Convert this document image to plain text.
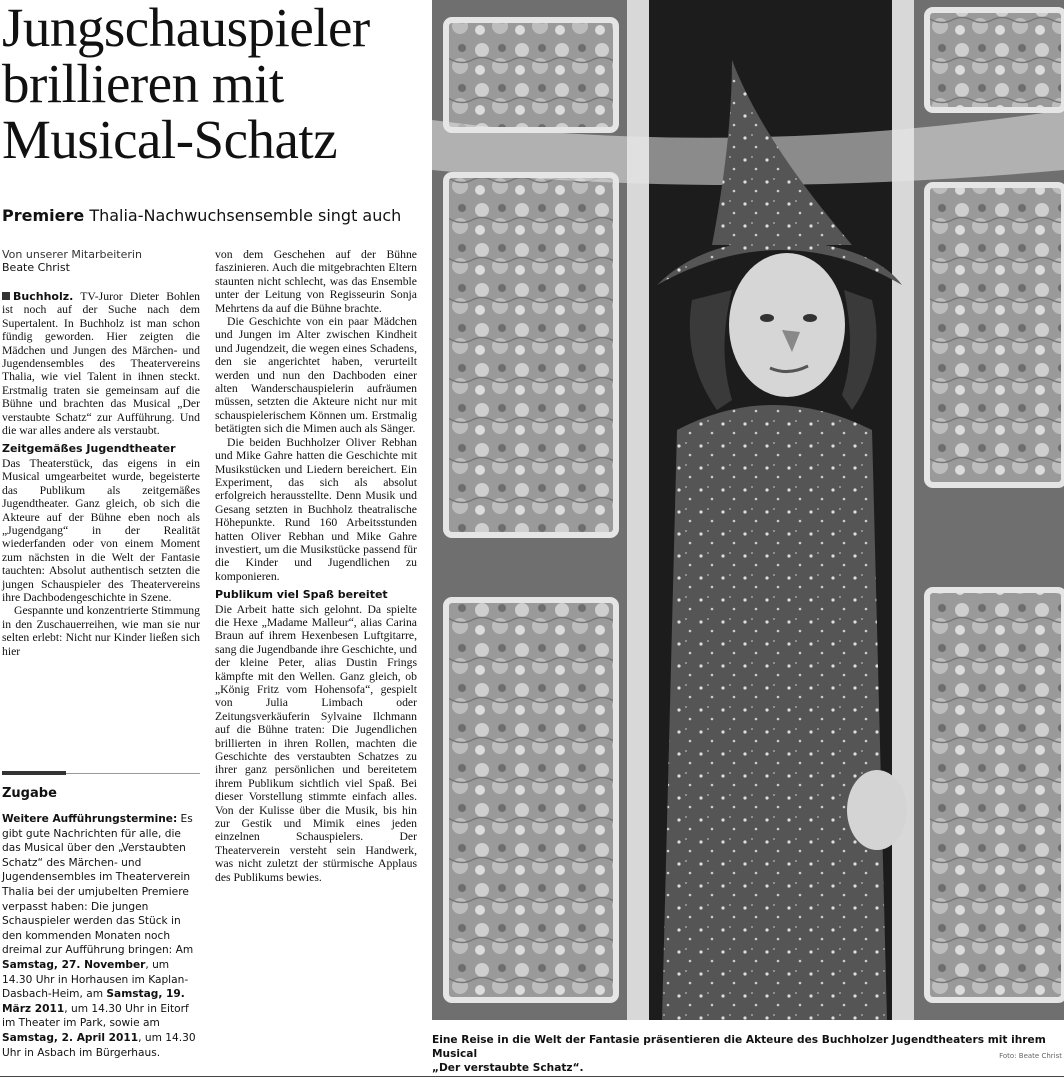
Jungschauspieler
brillieren mit
Musical-Schatz
Premiere Thalia-Nachwuchsensemble singt auch
Von unserer Mitarbeiterin
Beate Christ

Buchholz. TV-Juror Dieter Bohlen ist noch auf der Suche nach dem Supertalent. In Buchholz ist man schon fündig geworden. Hier zeigten die Mädchen und Jungen des Märchen- und Jugendensembles des Theatervereins Thalia, wie viel Talent in ihnen steckt. Erstmalig traten sie gemeinsam auf die Bühne und brachten das Musical „Der verstaubte Schatz“ zur Aufführung. Und die war alles andere als verstaubt.

Zeitgemäßes Jugendtheater

Das Theaterstück, das eigens in ein Musical umgearbeitet wurde, begeisterte das Publikum als zeitgemäßes Jugendtheater. Ganz gleich, ob sich die Akteure auf der Bühne eben noch als „Jugendgang“ in der Realität wiederfanden oder von einem Moment zum nächsten in die Welt der Fantasie tauchten: Absolut authentisch setzten die jungen Schauspieler des Theatervereins ihre Dachbodengeschichte in Szene.

Gespannte und konzentrierte Stimmung in den Zuschauerreihen, wie man sie nur selten erlebt: Nicht nur Kinder ließen sich hier

von dem Geschehen auf der Bühne faszinieren. Auch die mitgebrachten Eltern staunten nicht schlecht, was das Ensemble unter der Leitung von Regisseurin Sonja Mehrtens da auf die Bühne brachte.

Die Geschichte von ein paar Mädchen und Jungen im Alter zwischen Kindheit und Jugendzeit, die wegen eines Schadens, den sie angerichtet haben, verurteilt werden und nun den Dachboden einer alten Wanderschauspielerin aufräumen müssen, setzten die Akteure nicht nur mit schauspielerischem Können um. Erstmalig betätigten sich die Mimen auch als Sänger.

Die beiden Buchholzer Oliver Rebhan und Mike Gahre hatten die Geschichte mit Musikstücken und Liedern bereichert. Ein Experiment, das sich als absolut erfolgreich herausstellte. Denn Musik und Gesang setzten in Buchholz theatralische Höhepunkte. Rund 160 Arbeitsstunden hatten Oliver Rebhan und Mike Gahre investiert, um die Musikstücke passend für die Kinder und Jugendlichen zu komponieren.

Publikum viel Spaß bereitet

Die Arbeit hatte sich gelohnt. Da spielte die Hexe „Madame Malleur“, alias Carina Braun auf ihrem Hexenbesen Luftgitarre, sang die Jugendbande ihre Geschichte, und der kleine Peter, alias Dustin Frings kämpfte mit den Wellen. Ganz gleich, ob „König Fritz vom Hohensofa“, gespielt von Julia Limbach oder Zeitungsverkäuferin Sylvaine Ilchmann auf die Bühne traten: Die Jugendlichen brillierten in ihren Rollen, machten die Geschichte des verstaubten Schatzes zu ihrer ganz persönlichen und bereitetem ihrem Publikum sichtlich viel Spaß. Bei dieser Vorstellung stimmte einfach alles. Von der Kulisse über die Musik, bis hin zur Gestik und Mimik eines jeden einzelnen Schauspielers. Der Theaterverein versteht sein Handwerk, was nicht zuletzt der stürmische Applaus des Publikums bewies.

Zugabe
Weitere Aufführungstermine: Es gibt gute Nachrichten für alle, die das Musical über den „Verstaubten Schatz“ des Märchen- und Jugendensembles im Theaterverein Thalia bei der umjubelten Premiere verpasst haben: Die jungen Schauspieler werden das Stück in den kommenden Monaten noch dreimal zur Aufführung bringen: Am Samstag, 27. November, um 14.30 Uhr in Horhausen im Kaplan-Dasbach-Heim, am Samstag, 19. März 2011, um 14.30 Uhr in Eitorf im Theater im Park, sowie am Samstag, 2. April 2011, um 14.30 Uhr in Asbach im Bürgerhaus.
Eine Reise in die Welt der Fantasie präsentieren die Akteure des Buchholzer Jugendtheaters mit ihrem Musical
„Der verstaubte Schatz“.
Foto: Beate Christ
